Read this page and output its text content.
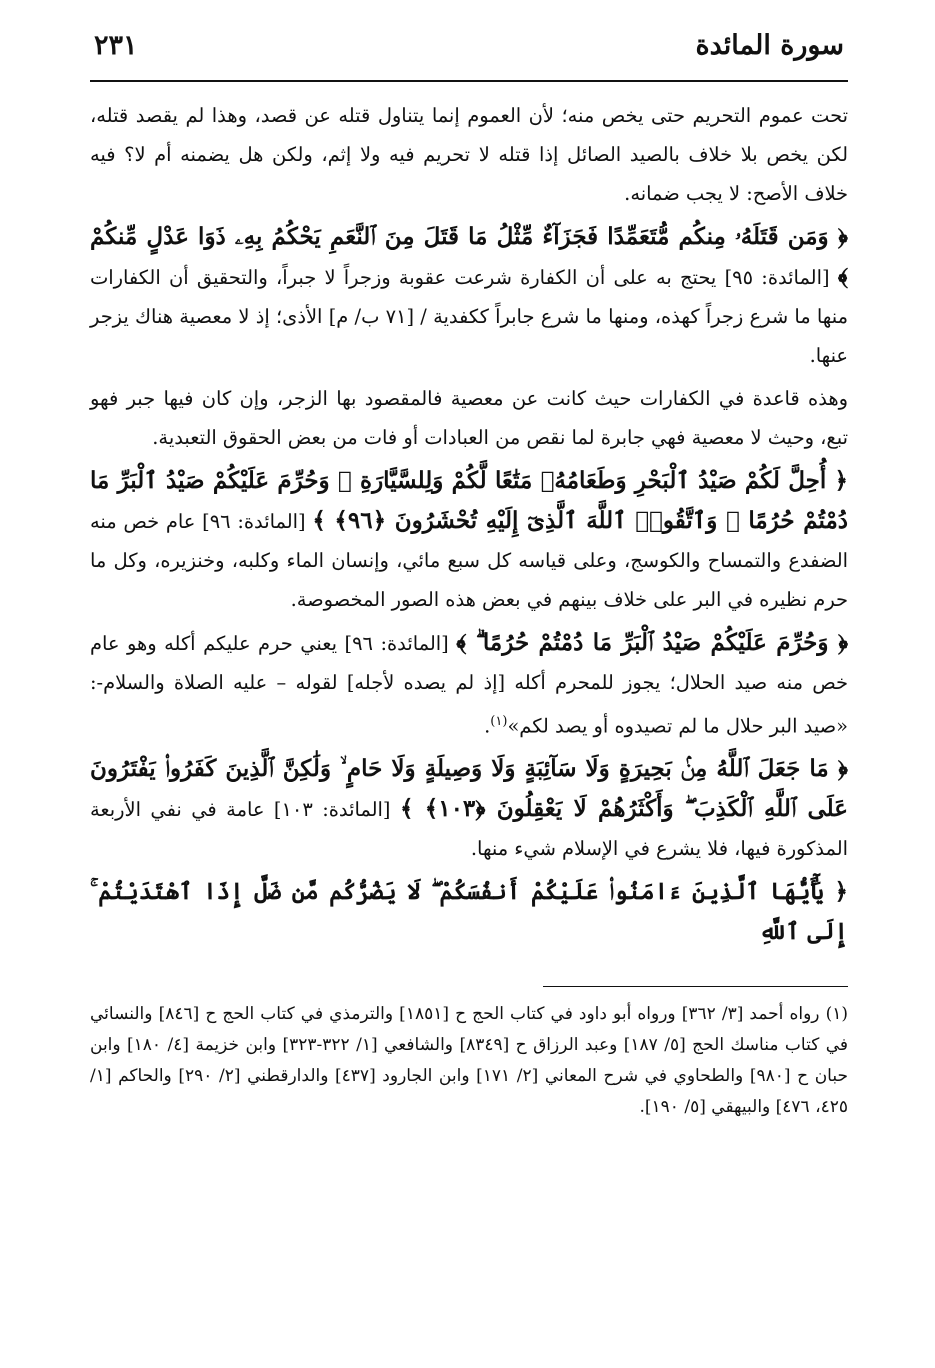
سورة المائدة
٢٣١

تحت عموم التحريم حتى يخص منه؛ لأن العموم إنما يتناول قتله عن قصد، وهذا لم يقصد قتله، لكن يخص بلا خلاف بالصيد الصائل إذا قتله لا تحريم فيه ولا إثم، ولكن هل يضمنه أم لا؟ فيه خلاف الأصح: لا يجب ضمانه.

﴿ وَمَن قَتَلَهُۥ مِنكُم مُّتَعَمِّدًا فَجَزَآءٌ مِّثْلُ مَا قَتَلَ مِنَ ٱلنَّعَمِ يَحْكُمُ بِهِۦ ذَوَا عَدْلٍ مِّنكُمْ ﴾ [المائدة: ٩٥] يحتج به على أن الكفارة شرعت عقوبة وزجراً لا جبراً، والتحقيق أن الكفارات منها ما شرع زجراً كهذه، ومنها ما شرع جابراً ككفدية / [٧١ ب/ م] الأذى؛ إذ لا معصية هناك يزجر عنها.

وهذه قاعدة في الكفارات حيث كانت عن معصية فالمقصود بها الزجر، وإن كان فيها جبر فهو تبع، وحيث لا معصية فهي جابرة لما نقص من العبادات أو فات من بعض الحقوق التعبدية.

﴿ أُحِلَّ لَكُمْ صَيْدُ ٱلْبَحْرِ وَطَعَامُهُۥ مَتَٰعًا لَّكُمْ وَلِلسَّيَّارَةِ ۖ وَحُرِّمَ عَلَيْكُمْ صَيْدُ ٱلْبَرِّ مَا دُمْتُمْ حُرُمًا ۗ وَٱتَّقُوا۟ ٱللَّهَ ٱلَّذِىٓ إِلَيْهِ تُحْشَرُونَ ﴿٩٦﴾ ﴾ [المائدة: ٩٦] عام خص منه الضفدع والتمساح والكوسج، وعلى قياسه كل سبع مائي، وإنسان الماء وكلبه، وخنزيره، وكل ما حرم نظيره في البر على خلاف بينهم في بعض هذه الصور المخصوصة.

﴿ وَحُرِّمَ عَلَيْكُمْ صَيْدُ ٱلْبَرِّ مَا دُمْتُمْ حُرُمًا ۗ ﴾ [المائدة: ٩٦] يعني حرم عليكم أكله وهو عام خص منه صيد الحلال؛ يجوز للمحرم أكله [إذ لم يصده لأجله] لقوله – عليه الصلاة والسلام-: «صيد البر حلال ما لم تصيدوه أو يصد لكم»$^{(١)}$.

﴿ مَا جَعَلَ ٱللَّهُ مِنۢ بَحِيرَةٍ وَلَا سَآئِبَةٍ وَلَا وَصِيلَةٍ وَلَا حَامٍ ۙ وَلَٰكِنَّ ٱلَّذِينَ كَفَرُوا۟ يَفْتَرُونَ عَلَى ٱللَّهِ ٱلْكَذِبَ ۖ وَأَكْثَرُهُمْ لَا يَعْقِلُونَ ﴿١٠٣﴾ ﴾ [المائدة: ١٠٣] عامة في نفي الأربعة المذكورة فيها، فلا يشرع في الإسلام شيء منها.

﴿ يَٰٓأَيُّهَا ٱلَّذِينَ ءَامَنُوا۟ عَلَيْكُمْ أَنفُسَكُمْ ۖ لَا يَضُرُّكُم مَّن ضَلَّ إِذَا ٱهْتَدَيْتُمْ ۚ إِلَى ٱللَّهِ

(١) رواه أحمد [٣/ ٣٦٢] ورواه أبو داود في كتاب الحج ح [١٨٥١] والترمذي في كتاب الحج ح [٨٤٦] والنسائي في كتاب مناسك الحج [٥/ ١٨٧] وعبد الرزاق ح [٨٣٤٩] والشافعي [١/ ٣٢٢-٣٢٣] وابن خزيمة [٤/ ١٨٠] وابن حبان ح [٩٨٠] والطحاوي في شرح المعاني [٢/ ١٧١] وابن الجارود [٤٣٧] والدارقطني [٢/ ٢٩٠] والحاكم [١/ ٤٢٥، ٤٧٦] والبيهقي [٥/ ١٩٠].
